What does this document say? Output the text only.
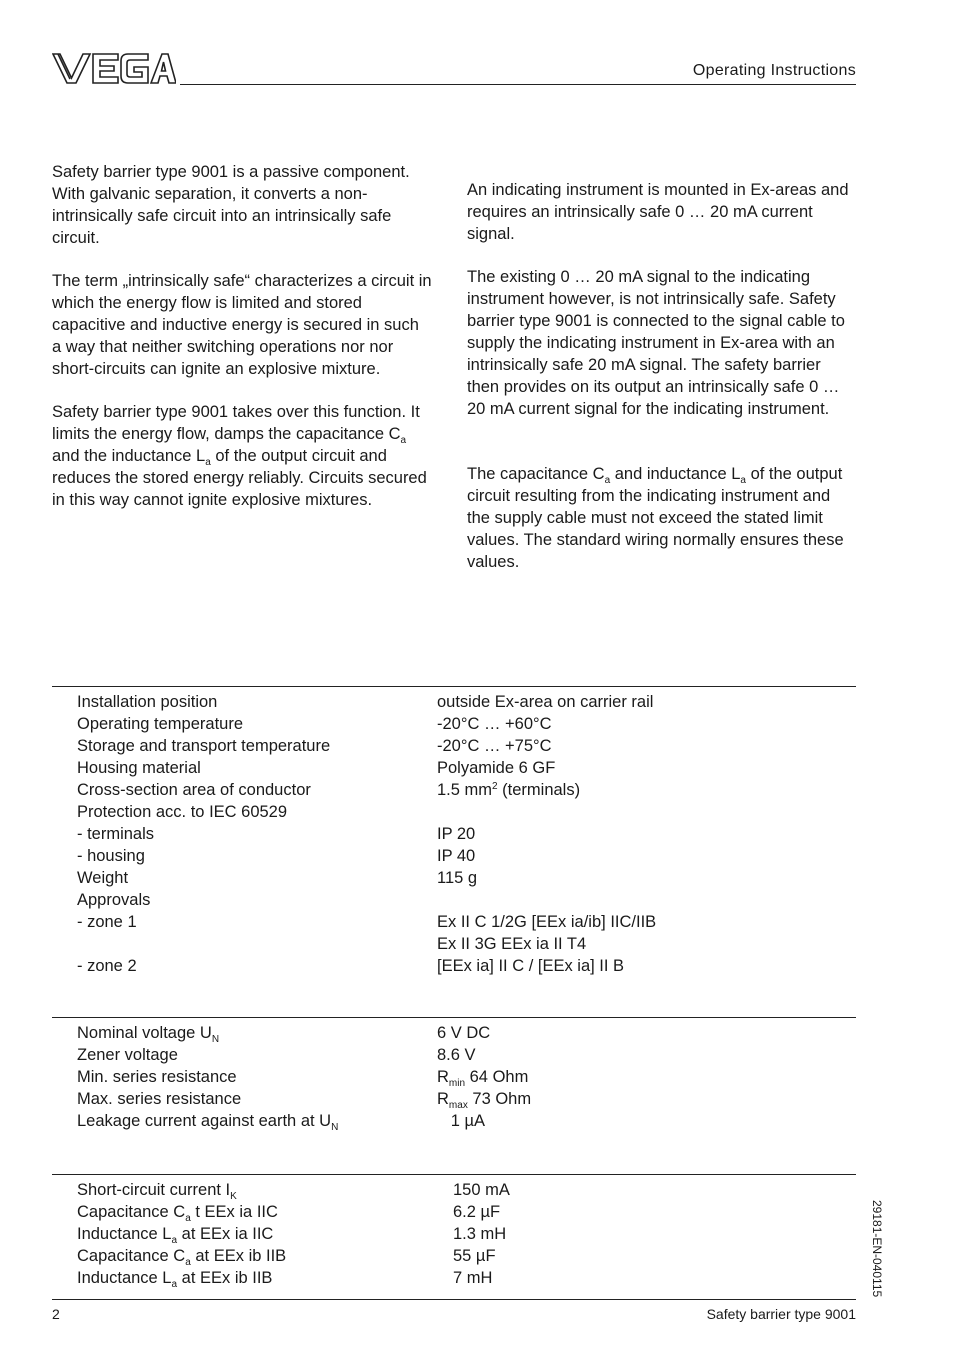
Operating Instructions

Safety barrier type 9001 is a passive component. With galvanic separation, it converts a non-intrinsically safe circuit into an intrinsically safe circuit.

The term „intrinsically safe“ characterizes a circuit in which the energy flow is limited and stored capacitive and inductive energy is secured in such a way that neither switching operations nor nor short-circuits can ignite an explosive mixture.

Safety barrier type 9001 takes over this function. It limits the energy flow, damps the capacitance $C_a$ and the inductance $L_a$ of the output circuit and reduces the stored energy reliably. Circuits secured in this way cannot ignite explosive mixtures.

An indicating instrument is mounted in Ex-areas and requires an intrinsically safe 0 … 20 mA current signal.

The existing 0 … 20 mA signal to the indicating instrument however, is not intrinsically safe. Safety barrier type 9001 is connected to the signal cable to supply the indicating instrument in Ex-area with an intrinsically safe 20 mA signal. The safety barrier then provides on its output an intrinsically safe 0 … 20 mA current signal for the indicating instrument.

The capacitance $C_a$ and inductance $L_a$ of the output circuit resulting from the indicating instrument and the supply cable must not exceed the stated limit values. The standard wiring normally ensures these values.

Installation position	outside Ex-area on carrier rail
Operating temperature	-20°C … +60°C
Storage and transport temperature	-20°C … +75°C
Housing material	Polyamide 6 GF
Cross-section area of conductor	1.5 $mm^2$ (terminals)
Protection acc. to IEC 60529
- terminals	IP 20
- housing	IP 40
Weight	115 g
Approvals
- zone 1	Ex II C 1/2G [EEx ia/ib] IIC/IIB
Ex II 3G EEx ia II T4
- zone 2	[EEx ia] II C / [EEx ia] II B
Nominal voltage $U_N$	6 V DC
Zener voltage	8.6 V
Min. series resistance	$R_{min}$ 64 Ohm
Max. series resistance	$R_{max}$ 73 Ohm
Leakage current against earth at $U_N$	1 µA
Short-circuit current $I_K$	150 mA
Capacitance $C_a$ t EEx ia IIC	6.2 µF
Inductance $L_a$ at EEx ia IIC	1.3 mH
Capacitance $C_a$ at EEx ib IIB	55 µF
Inductance $L_a$ at EEx ib IIB	7 mH	29181-EN-040115
2	Safety barrier type 9001
